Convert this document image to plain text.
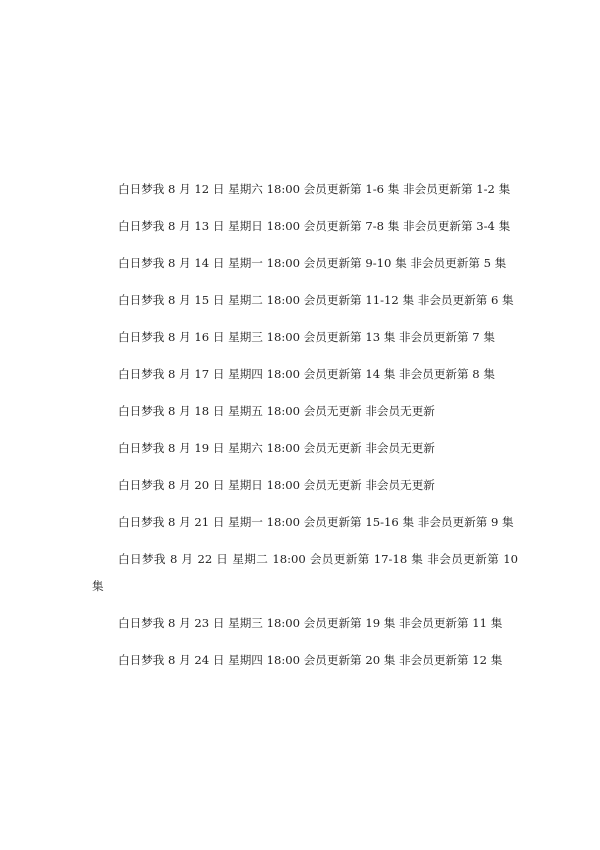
白日梦我 8 月 12 日 星期六 18:00 会员更新第 1-6 集 非会员更新第 1-2 集

白日梦我 8 月 13 日 星期日 18:00 会员更新第 7-8 集 非会员更新第 3-4 集

白日梦我 8 月 14 日 星期一 18:00 会员更新第 9-10 集 非会员更新第 5 集

白日梦我 8 月 15 日 星期二 18:00 会员更新第 11-12 集 非会员更新第 6 集

白日梦我 8 月 16 日 星期三 18:00 会员更新第 13 集 非会员更新第 7 集

白日梦我 8 月 17 日 星期四 18:00 会员更新第 14 集 非会员更新第 8 集

白日梦我 8 月 18 日 星期五 18:00 会员无更新 非会员无更新

白日梦我 8 月 19 日 星期六 18:00 会员无更新 非会员无更新

白日梦我 8 月 20 日 星期日 18:00 会员无更新 非会员无更新

白日梦我 8 月 21 日 星期一 18:00 会员更新第 15-16 集 非会员更新第 9 集

白日梦我 8 月 22 日 星期二 18:00 会员更新第 17-18 集 非会员更新第 10 集

白日梦我 8 月 23 日 星期三 18:00 会员更新第 19 集 非会员更新第 11 集

白日梦我 8 月 24 日 星期四 18:00 会员更新第 20 集 非会员更新第 12 集
